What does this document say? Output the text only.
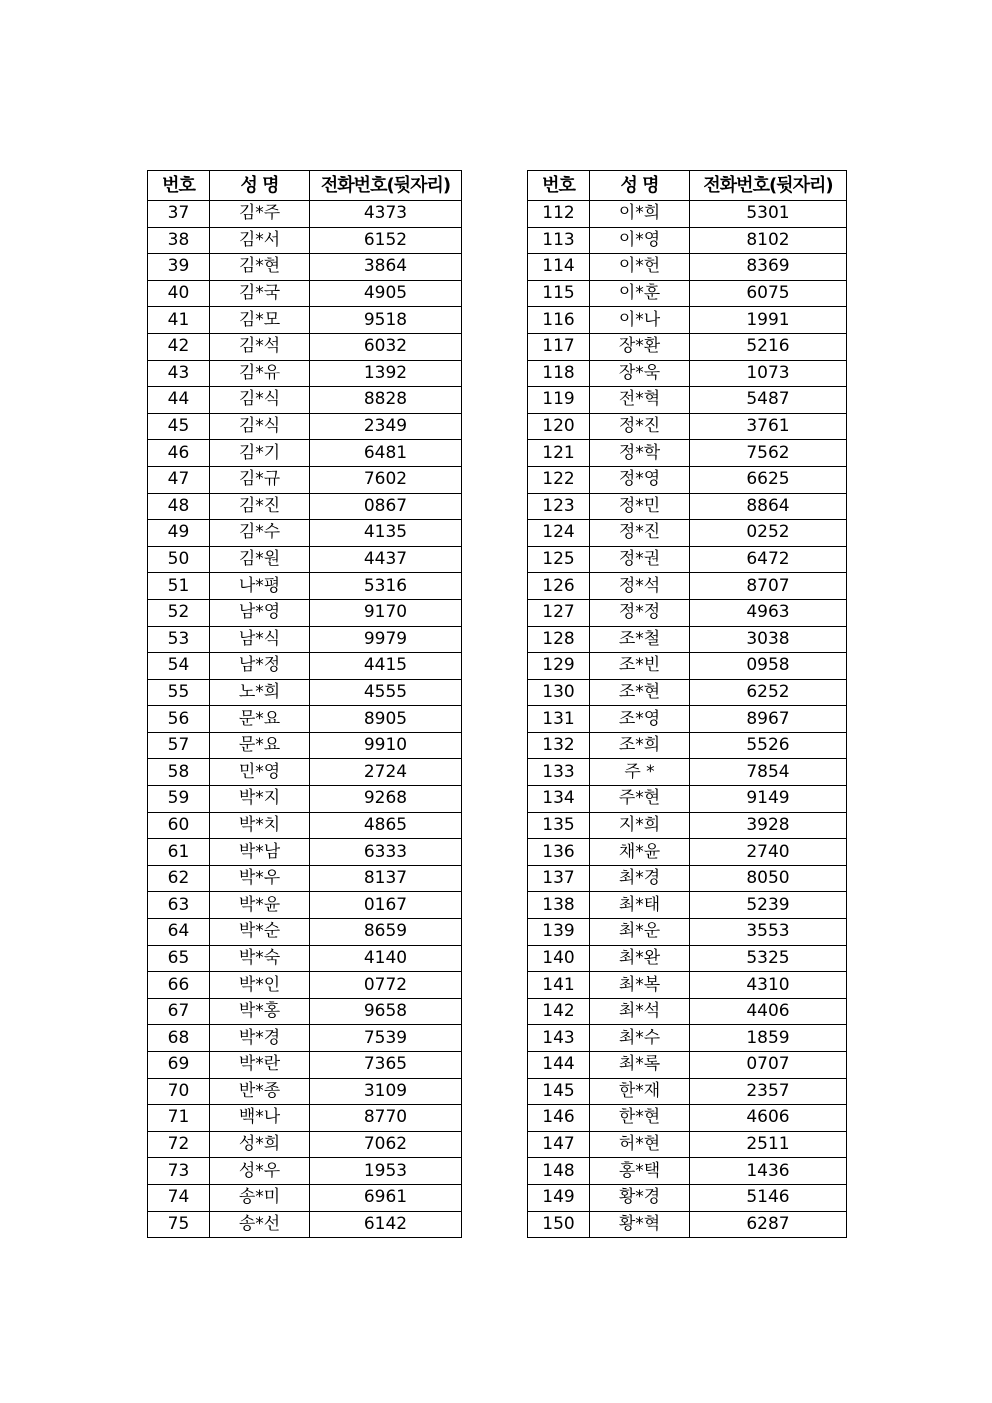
번호	성 명	전화번호(뒷자리)
37	김*주	4373
38	김*서	6152
39	김*현	3864
40	김*국	4905
41	김*모	9518
42	김*석	6032
43	김*유	1392
44	김*식	8828
45	김*식	2349
46	김*기	6481
47	김*규	7602
48	김*진	0867
49	김*수	4135
50	김*원	4437
51	나*평	5316
52	남*영	9170
53	남*식	9979
54	남*정	4415
55	노*희	4555
56	문*요	8905
57	문*요	9910
58	민*영	2724
59	박*지	9268
60	박*치	4865
61	박*남	6333
62	박*우	8137
63	박*윤	0167
64	박*순	8659
65	박*숙	4140
66	박*인	0772
67	박*홍	9658
68	박*경	7539
69	박*란	7365
70	반*종	3109
71	백*나	8770
72	성*희	7062
73	성*우	1953
74	송*미	6961
75	송*선	6142
번호	성 명	전화번호(뒷자리)
112	이*희	5301
113	이*영	8102
114	이*헌	8369
115	이*훈	6075
116	이*나	1991
117	장*환	5216
118	장*욱	1073
119	전*혁	5487
120	정*진	3761
121	정*학	7562
122	정*영	6625
123	정*민	8864
124	정*진	0252
125	정*권	6472
126	정*석	8707
127	정*정	4963
128	조*철	3038
129	조*빈	0958
130	조*현	6252
131	조*영	8967
132	조*희	5526
133	주 *	7854
134	주*현	9149
135	지*희	3928
136	채*윤	2740
137	최*경	8050
138	최*태	5239
139	최*운	3553
140	최*완	5325
141	최*복	4310
142	최*석	4406
143	최*수	1859
144	최*록	0707
145	한*재	2357
146	한*현	4606
147	허*현	2511
148	홍*택	1436
149	황*경	5146
150	황*혁	6287
